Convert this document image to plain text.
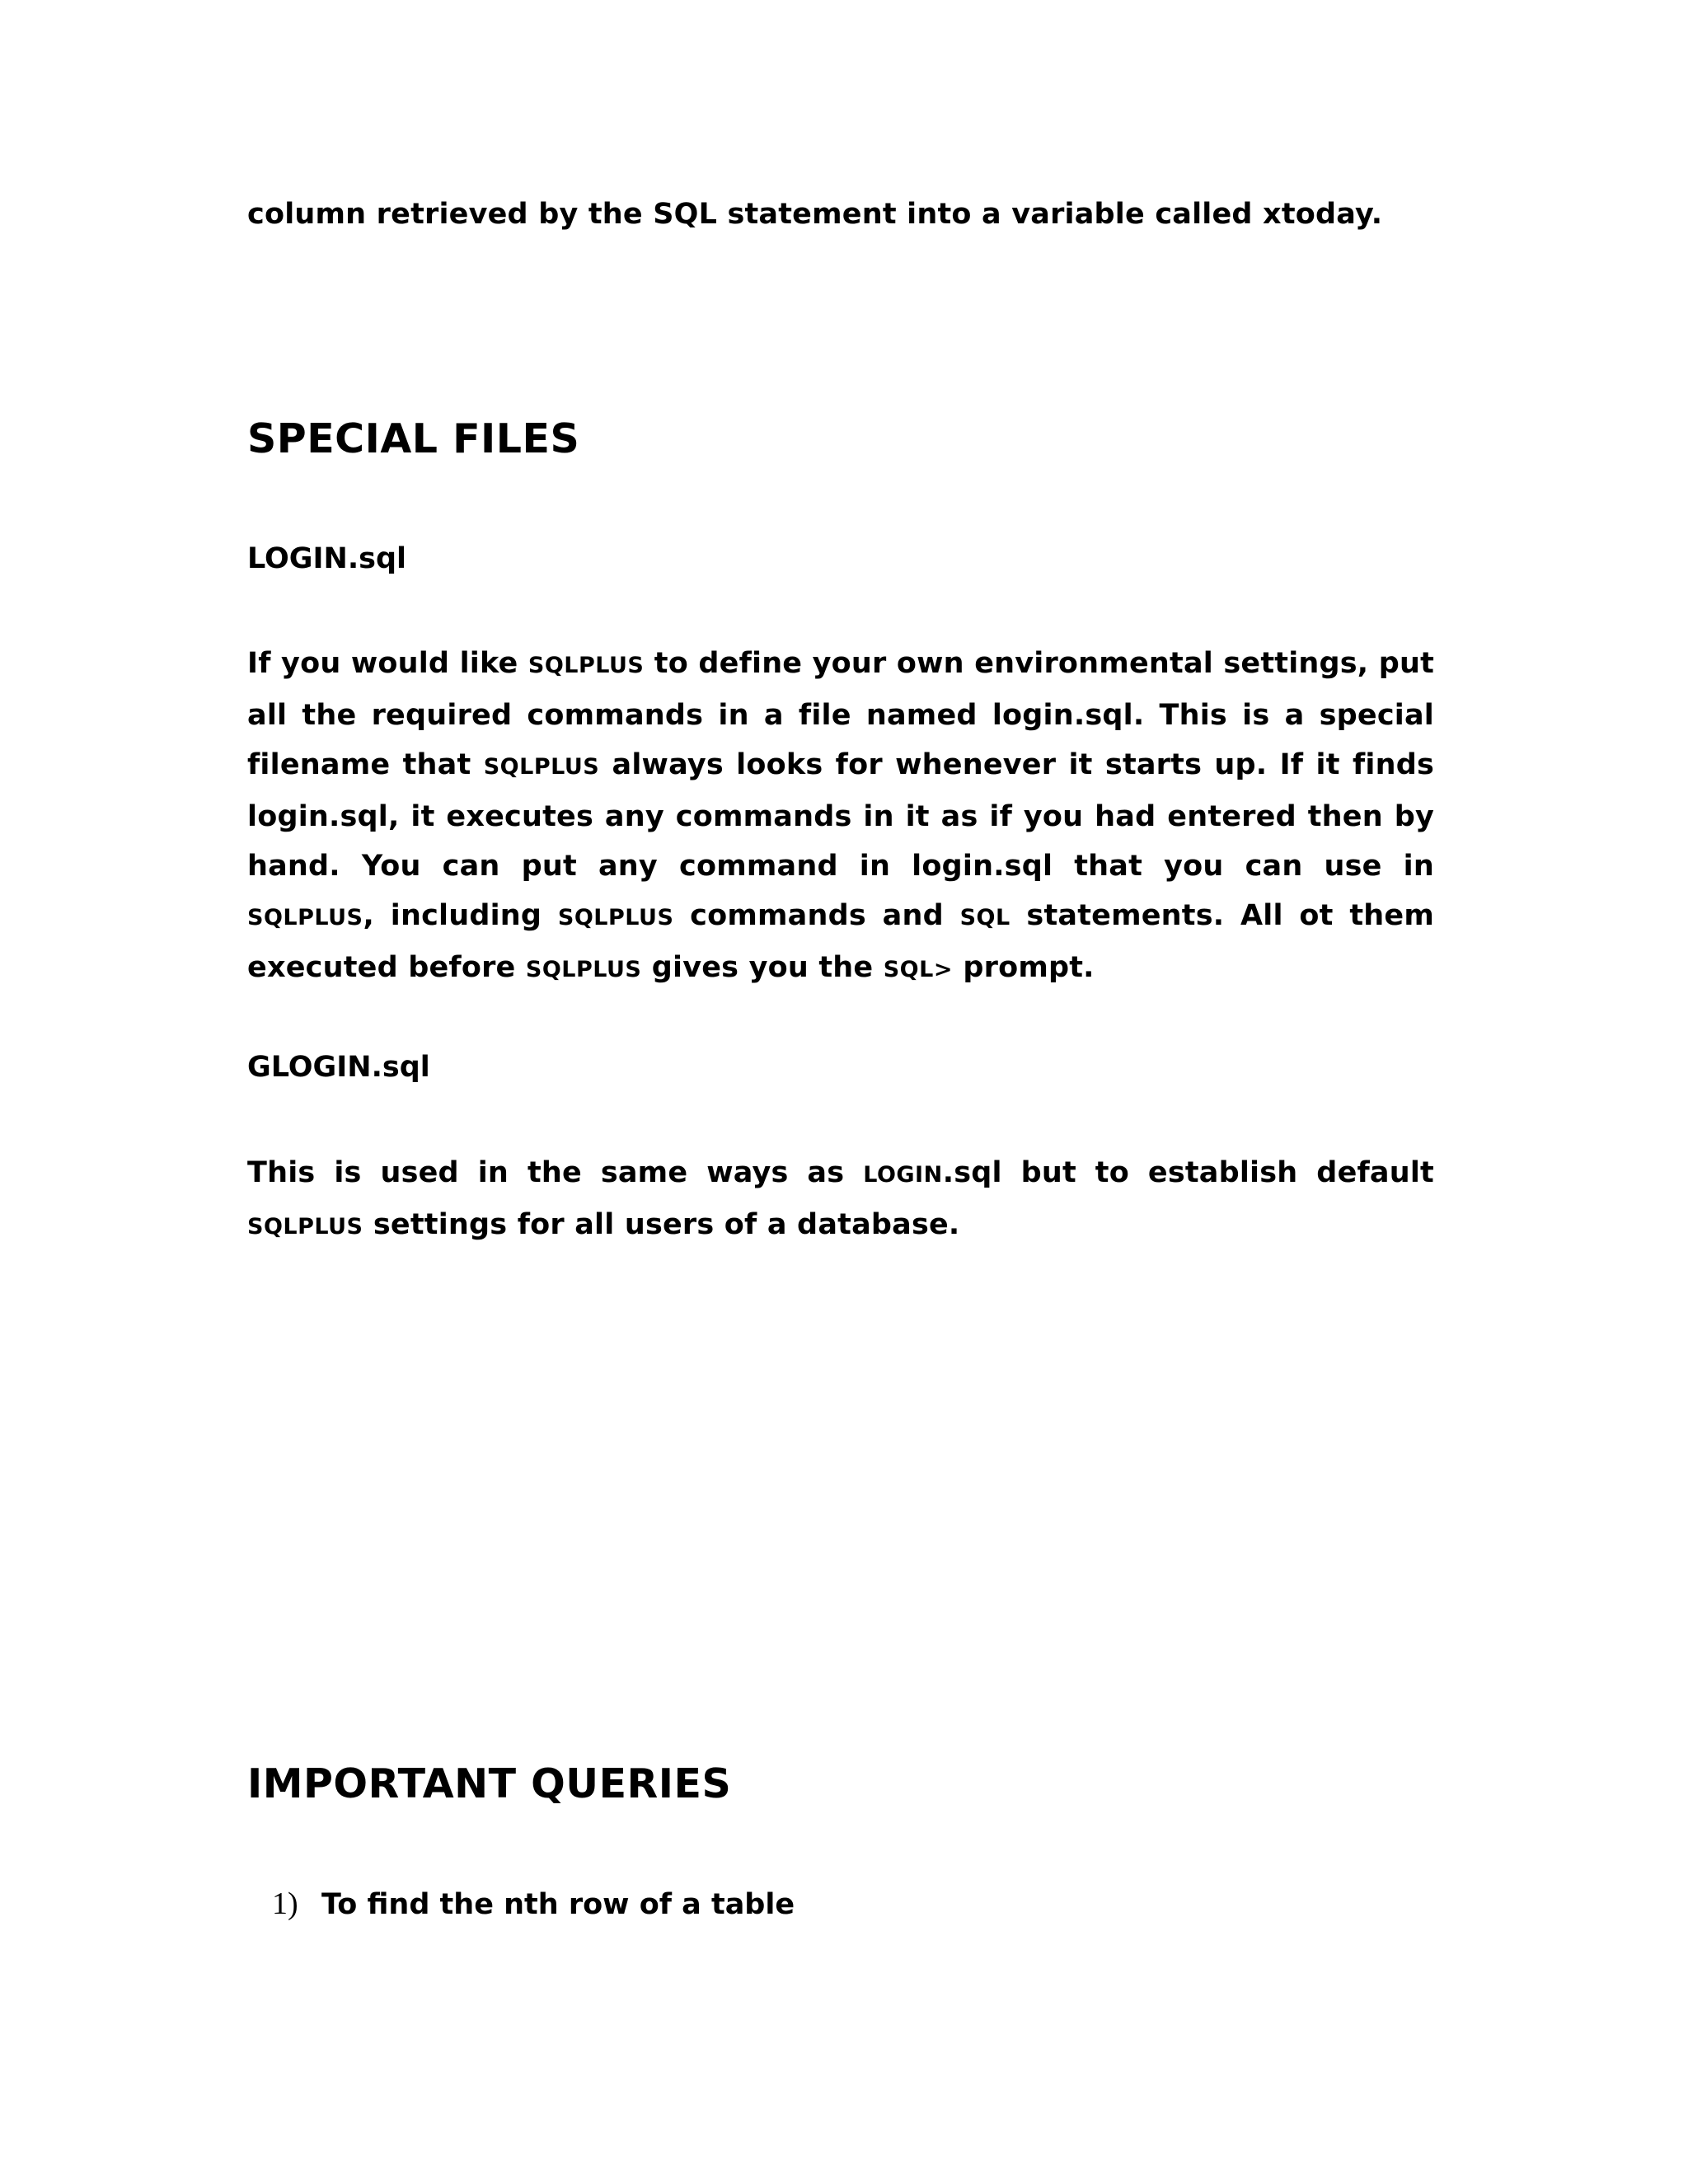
column retrieved by the SQL statement into a variable called xtoday.

SPECIAL FILES
LOGIN.sql

If you would like SQLPLUS to define your own environmental settings, put all the required commands in a file named login.sql. This is a special filename that SQLPLUS always looks for whenever it starts up. If it finds login.sql, it executes any commands in it as if you had entered then by hand. You can put any command in login.sql that you can use in SQLPLUS, including SQLPLUS commands and SQL statements. All ot them executed before SQLPLUS gives you the SQL> prompt.

GLOGIN.sql

This is used in the same ways as LOGIN.sql but to establish default SQLPLUS settings for all users of a database.

IMPORTANT QUERIES
1) To find the nth row of a table
